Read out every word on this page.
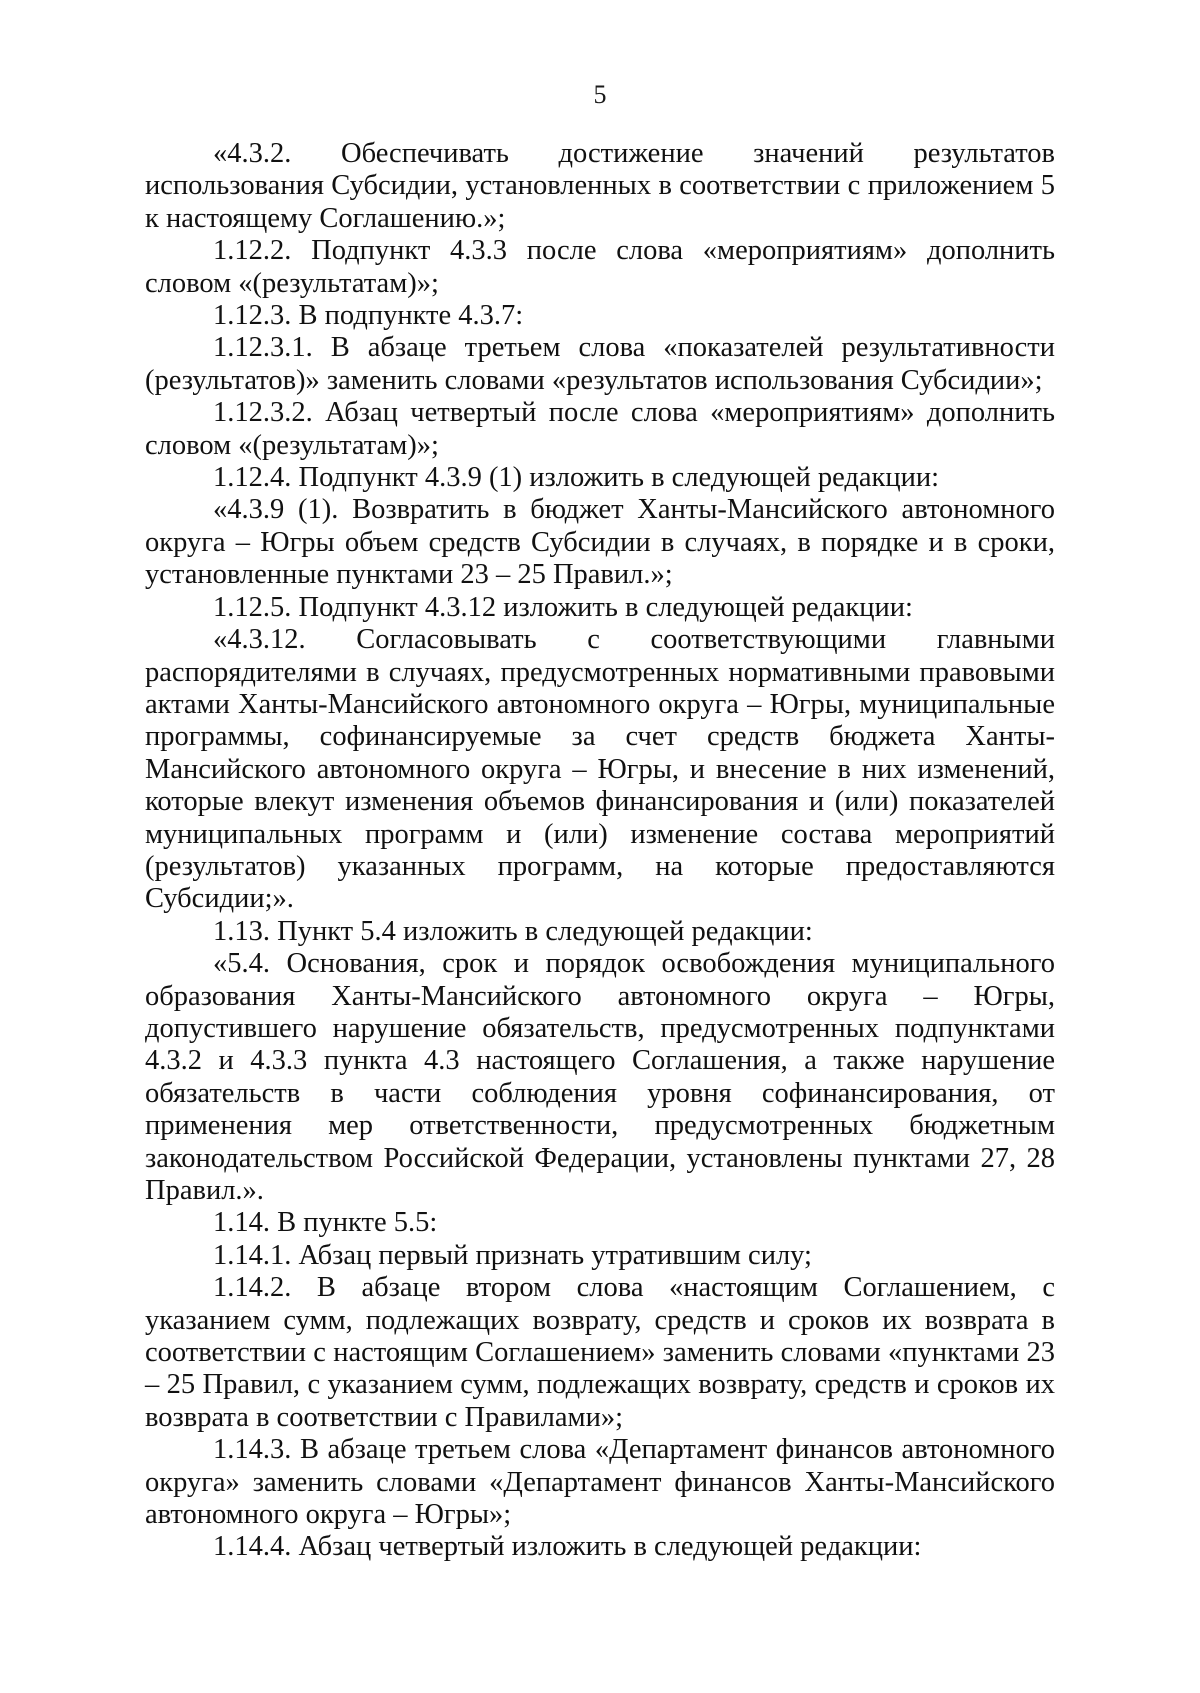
5

«4.3.2. Обеспечивать достижение значений результатов использования Субсидии, установленных в соответствии с приложением 5 к настоящему Соглашению.»;

1.12.2. Подпункт 4.3.3 после слова «мероприятиям» дополнить словом «(результатам)»;

1.12.3. В подпункте 4.3.7:

1.12.3.1. В абзаце третьем слова «показателей результативности (результатов)» заменить словами «результатов использования Субсидии»;

1.12.3.2. Абзац четвертый после слова «мероприятиям» дополнить словом «(результатам)»;

1.12.4. Подпункт 4.3.9 (1) изложить в следующей редакции:

«4.3.9 (1). Возвратить в бюджет Ханты-Мансийского автономного округа – Югры объем средств Субсидии в случаях, в порядке и в сроки, установленные пунктами 23 – 25 Правил.»;

1.12.5. Подпункт 4.3.12 изложить в следующей редакции:

«4.3.12. Согласовывать с соответствующими главными распорядителями в случаях, предусмотренных нормативными правовыми актами Ханты-Мансийского автономного округа – Югры, муниципальные программы, софинансируемые за счет средств бюджета Ханты-Мансийского автономного округа – Югры, и внесение в них изменений, которые влекут изменения объемов финансирования и (или) показателей муниципальных программ и (или) изменение состава мероприятий (результатов) указанных программ, на которые предоставляются Субсидии;».

1.13. Пункт 5.4 изложить в следующей редакции:

«5.4. Основания, срок и порядок освобождения муниципального образования Ханты-Мансийского автономного округа – Югры, допустившего нарушение обязательств, предусмотренных подпунктами 4.3.2 и 4.3.3 пункта 4.3 настоящего Соглашения, а также нарушение обязательств в части соблюдения уровня софинансирования, от применения мер ответственности, предусмотренных бюджетным законодательством Российской Федерации, установлены пунктами 27, 28 Правил.».

1.14. В пункте 5.5:

1.14.1. Абзац первый признать утратившим силу;

1.14.2. В абзаце втором слова «настоящим Соглашением, с указанием сумм, подлежащих возврату, средств и сроков их возврата в соответствии с настоящим Соглашением» заменить словами «пунктами 23 – 25 Правил, с указанием сумм, подлежащих возврату, средств и сроков их возврата в соответствии с Правилами»;

1.14.3. В абзаце третьем слова «Департамент финансов автономного округа» заменить словами «Департамент финансов Ханты-Мансийского автономного округа – Югры»;

1.14.4. Абзац четвертый изложить в следующей редакции:
